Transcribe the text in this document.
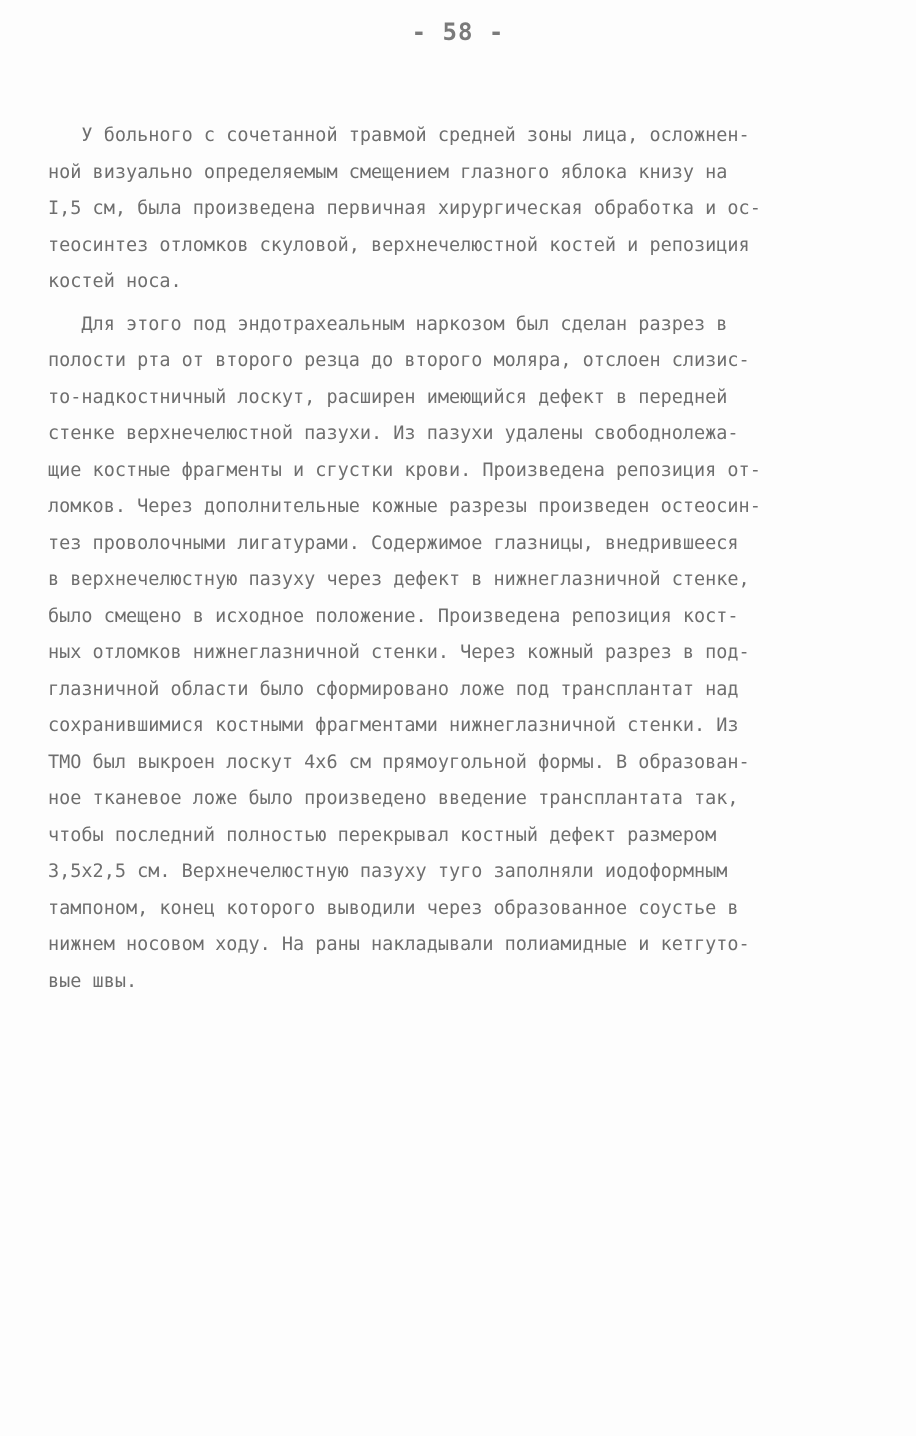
- 58 -
У больного с сочетанной травмой средней зоны лица, осложнен-
ной визуально определяемым смещением глазного яблока книзу на
I,5 см, была произведена первичная хирургическая обработка и ос-
теосинтез отломков скуловой, верхнечелюстной костей и репозиция
костей носа.
Для этого под эндотрахеальным наркозом был сделан разрез в
полости рта от второго резца до второго моляра, отслоен слизис-
то-надкостничный лоскут, расширен имеющийся дефект в передней
стенке верхнечелюстной пазухи. Из пазухи удалены свободнолежа-
щие костные фрагменты и сгустки крови. Произведена репозиция от-
ломков. Через дополнительные кожные разрезы произведен остеосин-
тез проволочными лигатурами. Содержимое глазницы, внедрившееся
в верхнечелюстную пазуху через дефект в нижнеглазничной стенке,
было смещено в исходное положение. Произведена репозиция кост-
ных отломков нижнеглазничной стенки. Через кожный разрез в под-
глазничной области было сформировано ложе под трансплантат над
сохранившимися костными фрагментами нижнеглазничной стенки. Из
ТМО был выкроен лоскут 4х6 см прямоугольной формы. В образован-
ное тканевое ложе было произведено введение трансплантата так,
чтобы последний полностью перекрывал костный дефект размером
3,5х2,5 см. Верхнечелюстную пазуху туго заполняли иодоформным
тампоном, конец которого выводили через образованное соустье в
нижнем носовом ходу. На раны накладывали полиамидные и кетгуто-
вые швы.
